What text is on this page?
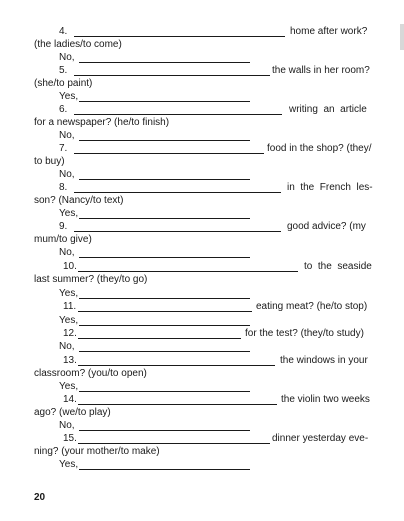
4.	home after work?
(the ladies/to come)
No,
5.	the walls in her room?
(she/to paint)
Yes,
6.	writing  an  article
for a newspaper? (he/to finish)
No,
7.	food in the shop? (they/
to buy)
No,
8.	in  the  French  les-
son? (Nancy/to text)
Yes,
9.	good advice? (my
mum/to give)
No,
10.	to  the  seaside
last summer? (they/to go)
Yes,
11.	eating meat? (he/to stop)
Yes,
12.	for the test? (they/to study)
No,
13.	the windows in your
classroom? (you/to open)
Yes,
14.	the violin two weeks
ago? (we/to play)
No,
15.	dinner yesterday eve-
ning? (your mother/to make)
Yes,
20
